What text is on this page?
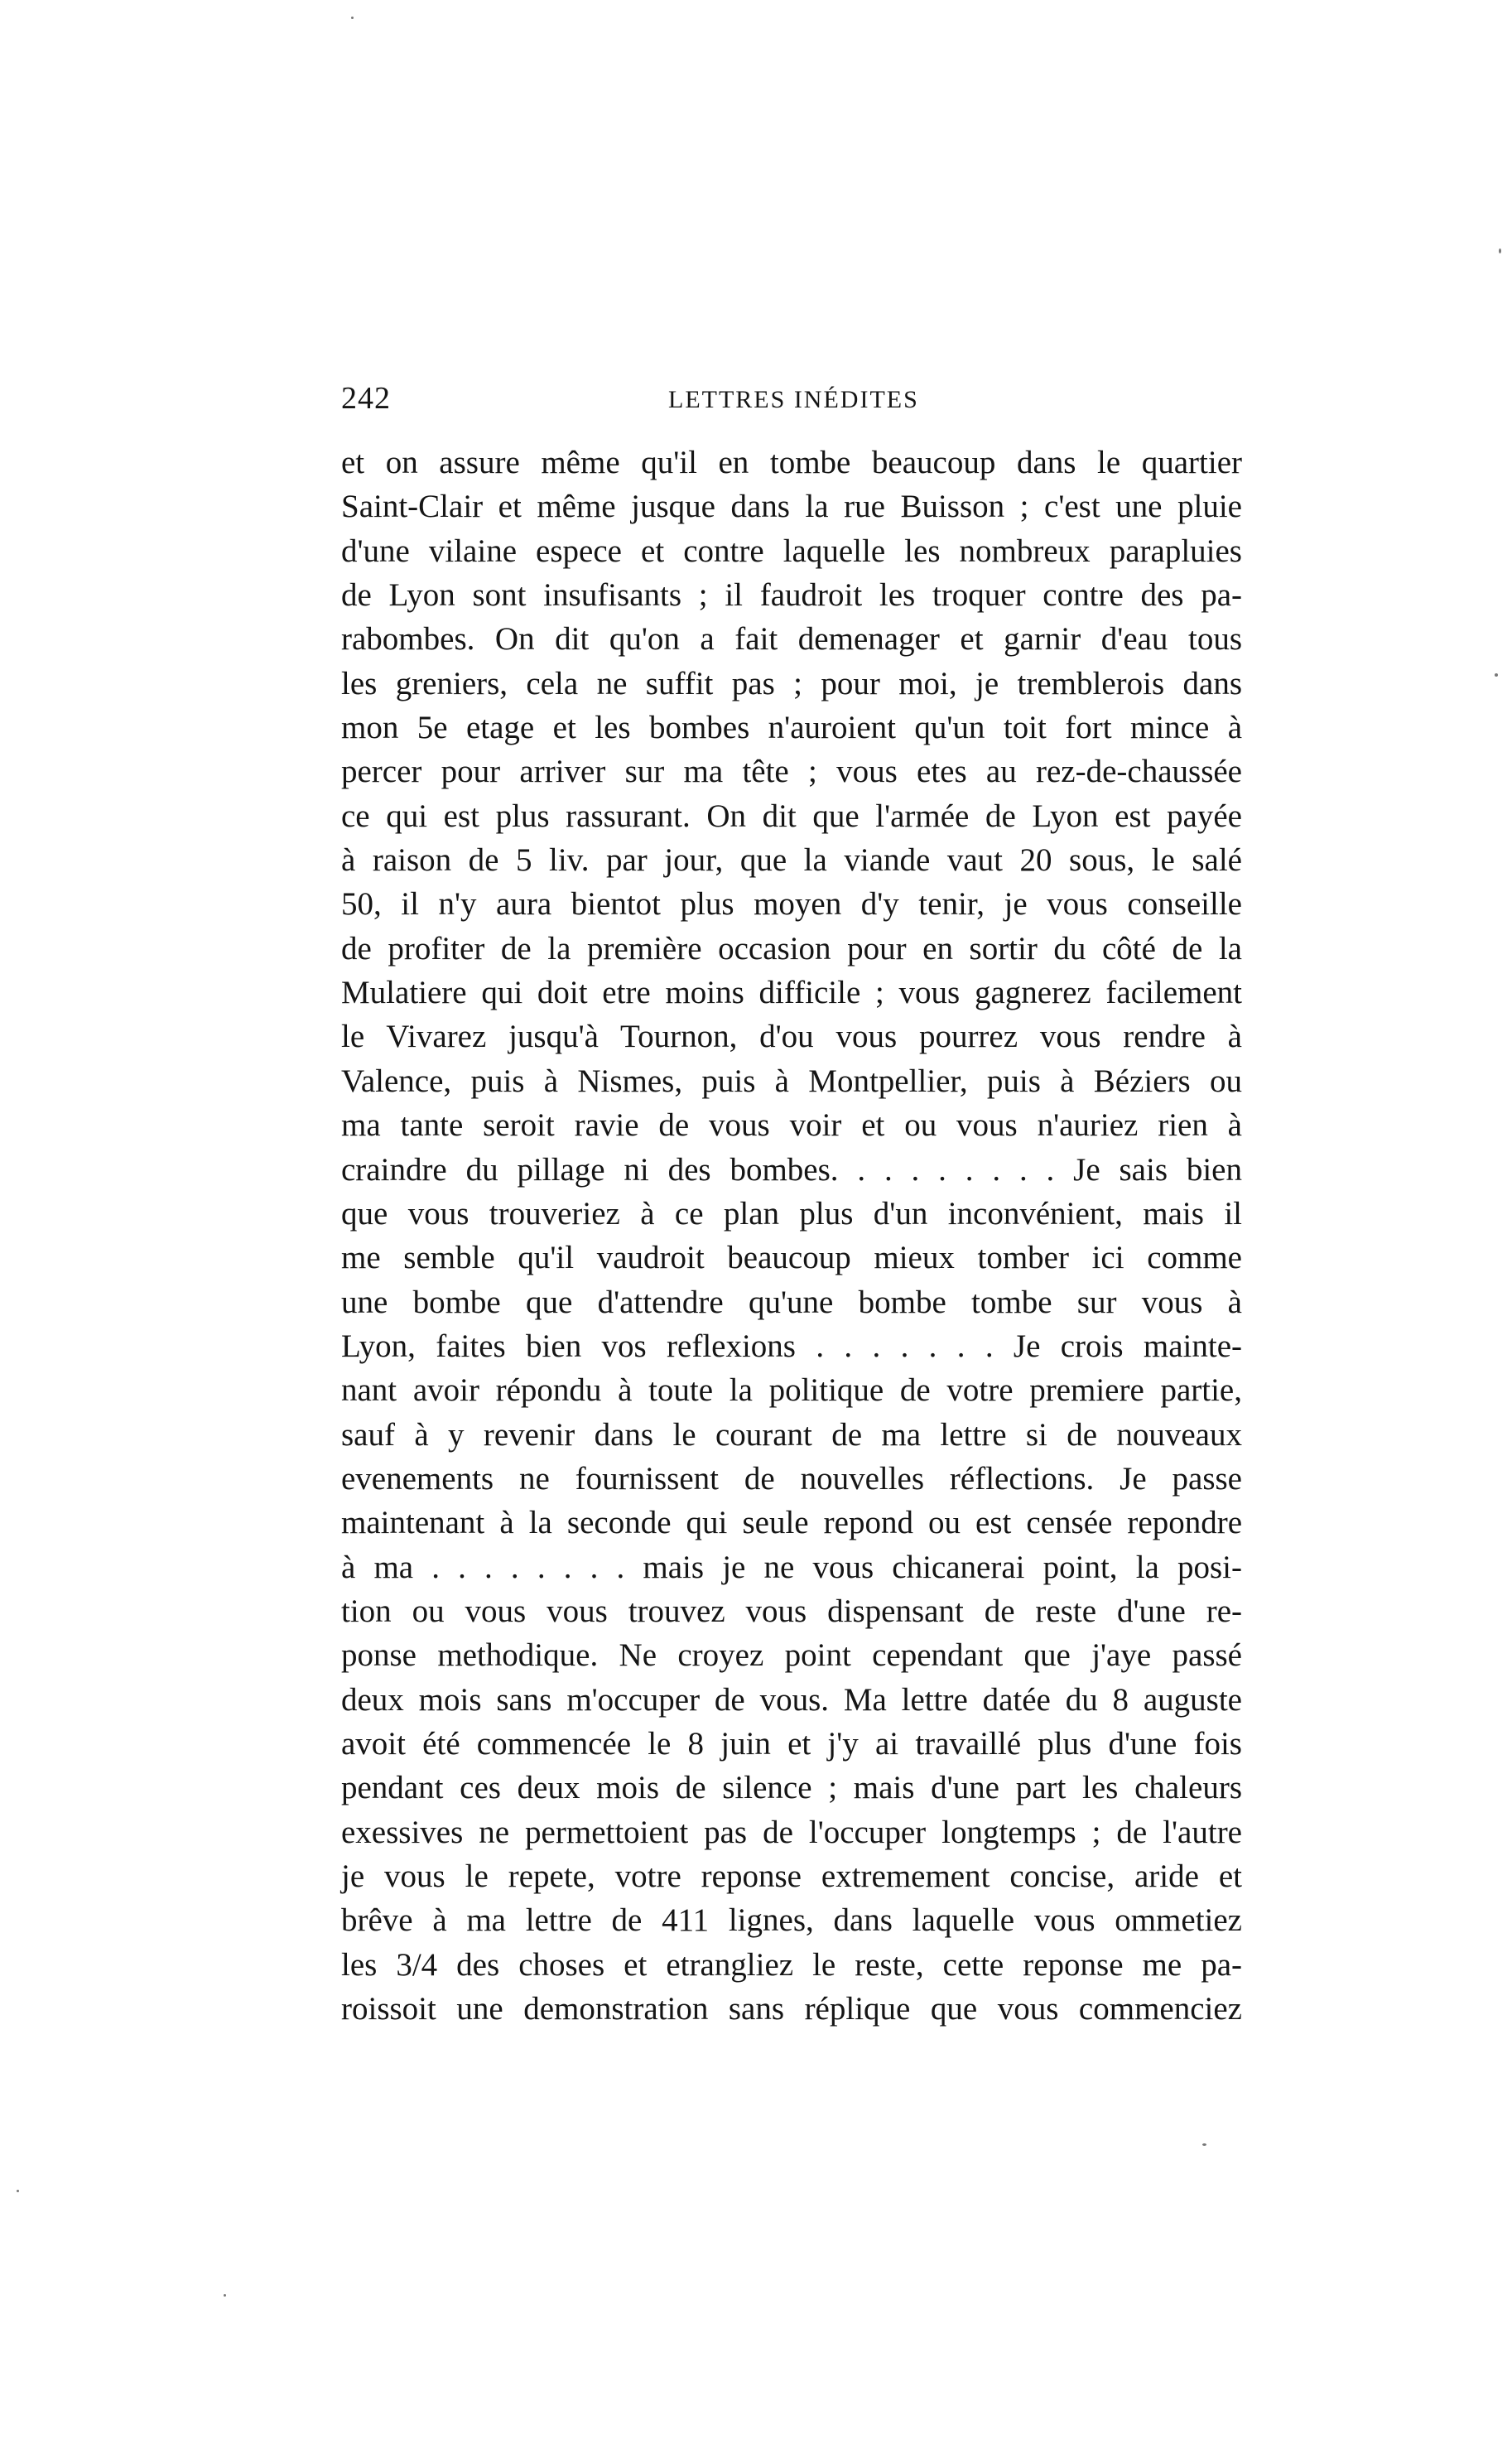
242	LETTRES INÉDITES
et on assure même qu'il en tombe beaucoup dans le quartier
Saint-Clair et même jusque dans la rue Buisson ; c'est une pluie
d'une vilaine espece et contre laquelle les nombreux parapluies
de Lyon sont insufisants ; il faudroit les troquer contre des pa-
rabombes. On dit qu'on a fait demenager et garnir d'eau tous
les greniers, cela ne suffit pas ; pour moi, je tremblerois dans
mon 5e etage et les bombes n'auroient qu'un toit fort mince à
percer pour arriver sur ma tête ; vous etes au rez-de-chaussée
ce qui est plus rassurant. On dit que l'armée de Lyon est payée
à raison de 5 liv. par jour, que la viande vaut 20 sous, le salé
50, il n'y aura bientot plus moyen d'y tenir, je vous conseille
de profiter de la première occasion pour en sortir du côté de la
Mulatiere qui doit etre moins difficile ; vous gagnerez facilement
le Vivarez jusqu'à Tournon, d'ou vous pourrez vous rendre à
Valence, puis à Nismes, puis à Montpellier, puis à Béziers ou
ma tante seroit ravie de vous voir et ou vous n'auriez rien à
craindre du pillage ni des bombes. . . . . . . . . Je sais bien
que vous trouveriez à ce plan plus d'un inconvénient, mais il
me semble qu'il vaudroit beaucoup mieux tomber ici comme
une bombe que d'attendre qu'une bombe tombe sur vous à
Lyon, faites bien vos reflexions . . . . . . . Je crois mainte-
nant avoir répondu à toute la politique de votre premiere partie,
sauf à y revenir dans le courant de ma lettre si de nouveaux
evenements ne fournissent de nouvelles réflections. Je passe
maintenant à la seconde qui seule repond ou est censée repondre
à ma . . . . . . . . mais je ne vous chicanerai point, la posi-
tion ou vous vous trouvez vous dispensant de reste d'une re-
ponse methodique. Ne croyez point cependant que j'aye passé
deux mois sans m'occuper de vous. Ma lettre datée du 8 auguste
avoit été commencée le 8 juin et j'y ai travaillé plus d'une fois
pendant ces deux mois de silence ; mais d'une part les chaleurs
exessives ne permettoient pas de l'occuper longtemps ; de l'autre
je vous le repete, votre reponse extremement concise, aride et
brêve à ma lettre de 411 lignes, dans laquelle vous ommetiez
les 3/4 des choses et etrangliez le reste, cette reponse me pa-
roissoit une demonstration sans réplique que vous commenciez
